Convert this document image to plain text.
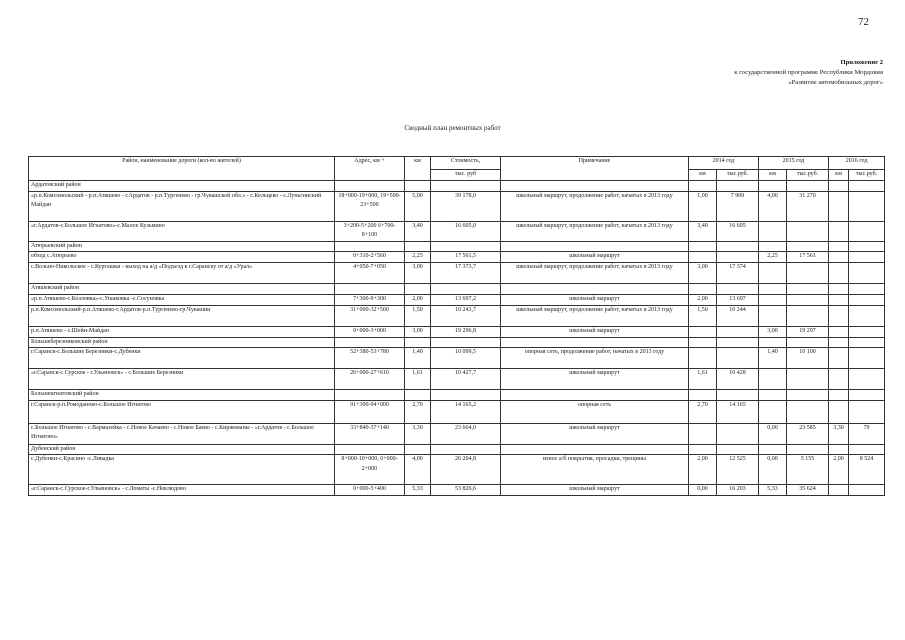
72
Приложение 2
к государственной программе Республики Мордовия
«Развитие автомобильных дорог»
Сводный план ремонтных работ
Район, наименование дороги (кол-во жителей)	Адрес, км +	км	Стоимость,	Примечание	2014 год		2015 год		2016 год	
			тыс. руб		км	тыс.руб.	км	тыс.руб.	км	тыс.руб.
Ардатовский район										
«р.п.Комсомольский - р.п.Атяшево - г.Ардатов - р.п.Тургенево - гр.Чувашской обл.» - с.Кельцево - с.Луньгинский Майдан	18+000-19+000, 19+500-23+500	5,00	39 178,0	школьный маршрут, продолжение работ, начатых в 2013 году	1,00	7 909	4,00	31 270		
«г.Ардатов-с.Большое Игнатово»-с.Малое Кузьмино	3+200-5+200 6+700-8+100	3,40	16 605,0	школьный маршрут, продолжение работ, начатых в 2013 году	3,40	16 605				
Атюрьевский район										
обход с.Атюрьево	0+310-2+560	2,25	17 561,5	школьный маршрут			2,25	17 561		
с.Вольно-Никольское - с.Кургашки - выход на а/д «Подъезд к г.Саранску от а/д «Урал»	4+050-7+050	3,00	17 373,7	школьный маршрут, продолжение работ, начатых в 2013 году	3,00	17 374				
Атяшевский район										
«р.п.Атяшево-с.Козловка»-с.Ушаковка -с.Сосуновка	7+300-9+300	2,00	13 697,2	школьный маршрут	2,00	13 697				
р.п.Комсомольский-р.п.Атяшево-г.Ардатов-р.п.Тургенево-гр.Чувашии	31+000-32+500	1,50	10 243,7	школьный маршрут, продолжение работ, начатых в 2013 году	1,50	10 244				
р.п.Атяшево - с.Шейн-Майдан	0+000-3+000	3,00	19 296,8	школьный маршрут			3,00	19 297		
Большеберезниковский район										
г.Саранск-с.Большие Березники-с.Дубенки	52+380-53+780	1,40	10 099,5	опорная сеть, продолжение работ, начатых в 2013 году			1,40	10 100		
«г.Саранск-с.Сурское - г.Ульяновск» - с.Большие Березники	26+000-27+610	1,61	10 427,7	школьный маршрут	1,61	10 428				
Большеигнатовский район										
г.Саранск-р.п.Ромоданово-с.Большое Игнатово	91+300-94+000	2,70	14 165,2	опорная сеть	2,70	14 165				
с.Большое Игнатово - с.Вармазейка - с.Новое Качаево - с.Новое Баево - с.Киржеманы - «г.Ардатов - с.Большое Игнатово»	33+840-37+140	3,30	23 664,0	школьный маршрут			0,00	23 585	3,30	79
Дубенский район										
с.Дубенки-с.Красино -с.Ливадка	8+000-10+000, 0+000-2+000	4,00	26 204,8	износ а/б покрытия, просадки, трещины	2,00	12 525	0,00	5 155	2,00	8 524
«г.Саранск-с.Сурское-г.Ульяновск» - с.Ломаты -с.Неклюдово	0+000-5+400	5,33	53 826,6	школьный маршрут	0,00	16 203	5,33	35 624		
